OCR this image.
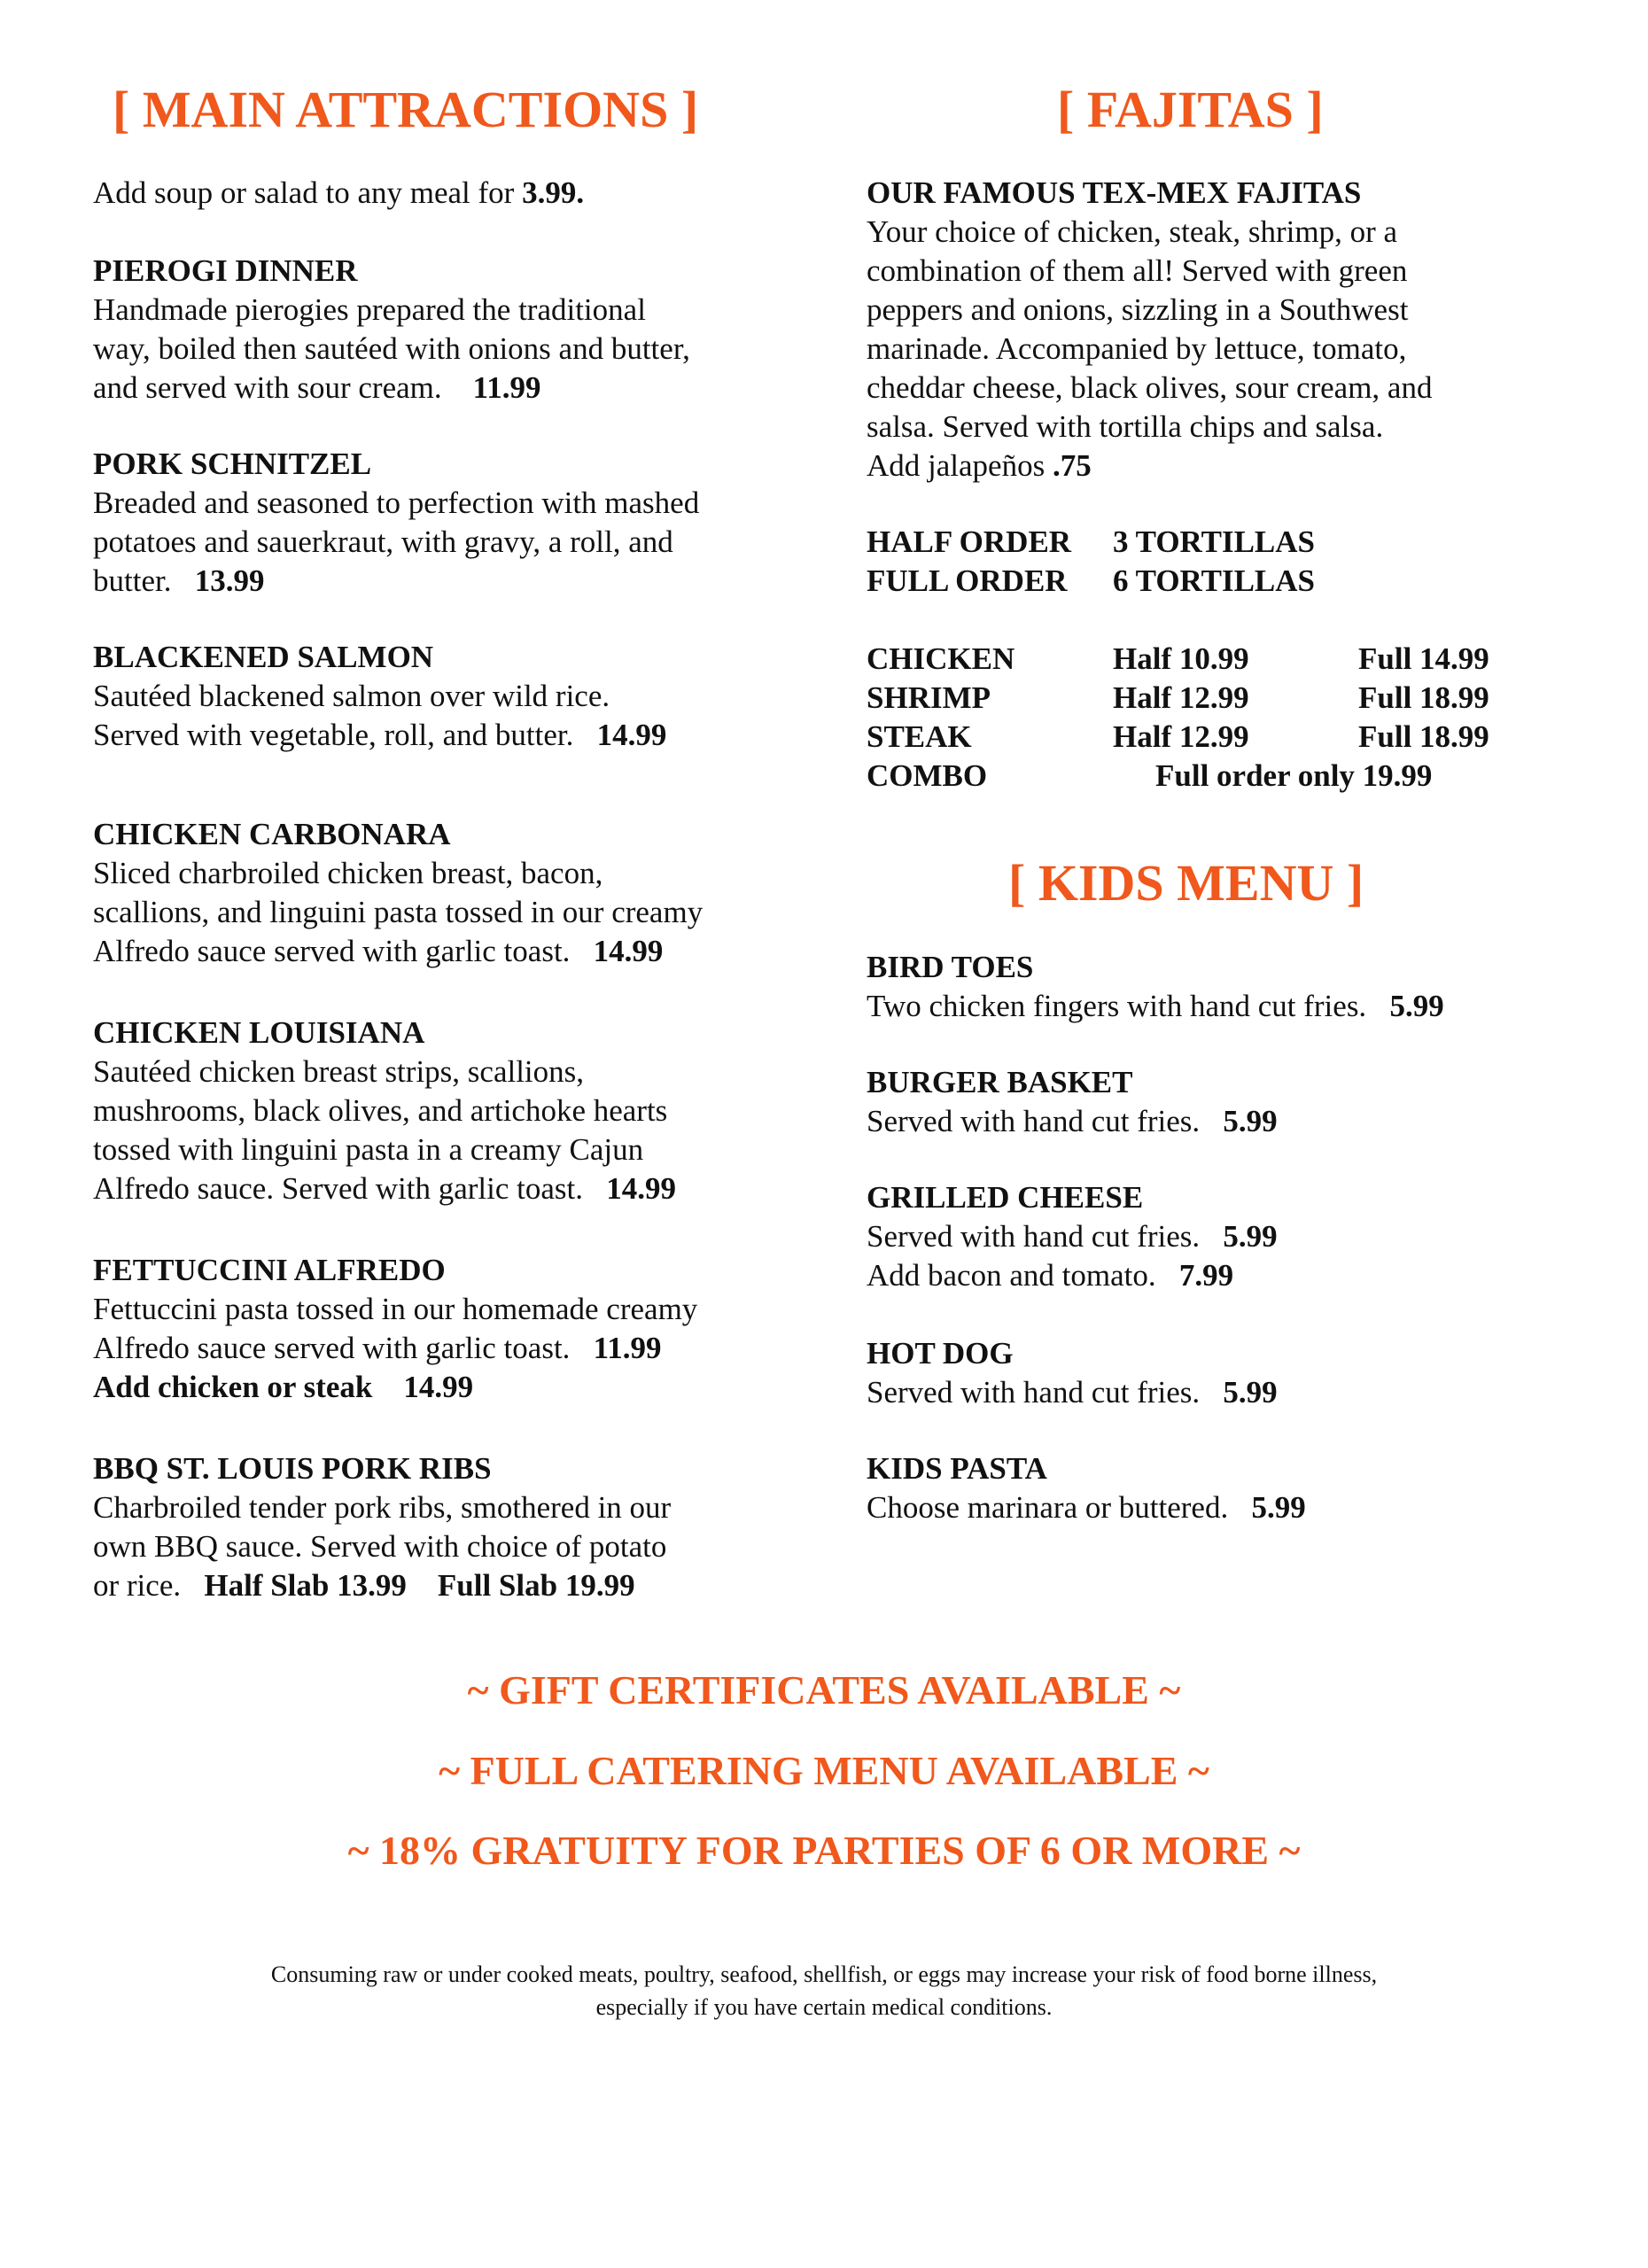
[ MAIN ATTRACTIONS ]

Add soup or salad to any meal for 3.99.

PIEROGI DINNER

Handmade pierogies prepared the traditional

way, boiled then sautéed with onions and butter,

and served with sour cream. 11.99

PORK SCHNITZEL

Breaded and seasoned to perfection with mashed

potatoes and sauerkraut, with gravy, a roll, and

butter. 13.99

BLACKENED SALMON

Sautéed blackened salmon over wild rice.

Served with vegetable, roll, and butter. 14.99

CHICKEN CARBONARA

Sliced charbroiled chicken breast, bacon,

scallions, and linguini pasta tossed in our creamy

Alfredo sauce served with garlic toast. 14.99

CHICKEN LOUISIANA

Sautéed chicken breast strips, scallions,

mushrooms, black olives, and artichoke hearts

tossed with linguini pasta in a creamy Cajun

Alfredo sauce. Served with garlic toast. 14.99

FETTUCCINI ALFREDO

Fettuccini pasta tossed in our homemade creamy

Alfredo sauce served with garlic toast. 11.99

Add chicken or steak 14.99

BBQ ST. LOUIS PORK RIBS

Charbroiled tender pork ribs, smothered in our

own BBQ sauce. Served with choice of potato

or rice. Half Slab 13.99 Full Slab 19.99

[ FAJITAS ]

OUR FAMOUS TEX-MEX FAJITAS

Your choice of chicken, steak, shrimp, or a

combination of them all! Served with green

peppers and onions, sizzling in a Southwest

marinade. Accompanied by lettuce, tomato,

cheddar cheese, black olives, sour cream, and

salsa. Served with tortilla chips and salsa.

Add jalapeños .75

HALF ORDER 3 TORTILLAS
FULL ORDER 6 TORTILLAS
CHICKEN	Half 10.99	Full 14.99
SHRIMP	Half 12.99	Full 18.99
STEAK	Half 12.99	Full 18.99
COMBO	Full order only 19.99
[ KIDS MENU ]

BIRD TOES

Two chicken fingers with hand cut fries. 5.99

BURGER BASKET

Served with hand cut fries. 5.99

GRILLED CHEESE

Served with hand cut fries. 5.99

Add bacon and tomato. 7.99

HOT DOG

Served with hand cut fries. 5.99

KIDS PASTA

Choose marinara or buttered. 5.99

~ GIFT CERTIFICATES AVAILABLE ~

~ FULL CATERING MENU AVAILABLE ~

~ 18% GRATUITY FOR PARTIES OF 6 OR MORE ~

Consuming raw or under cooked meats, poultry, seafood, shellfish, or eggs may increase your risk of food borne illness,
especially if you have certain medical conditions.
